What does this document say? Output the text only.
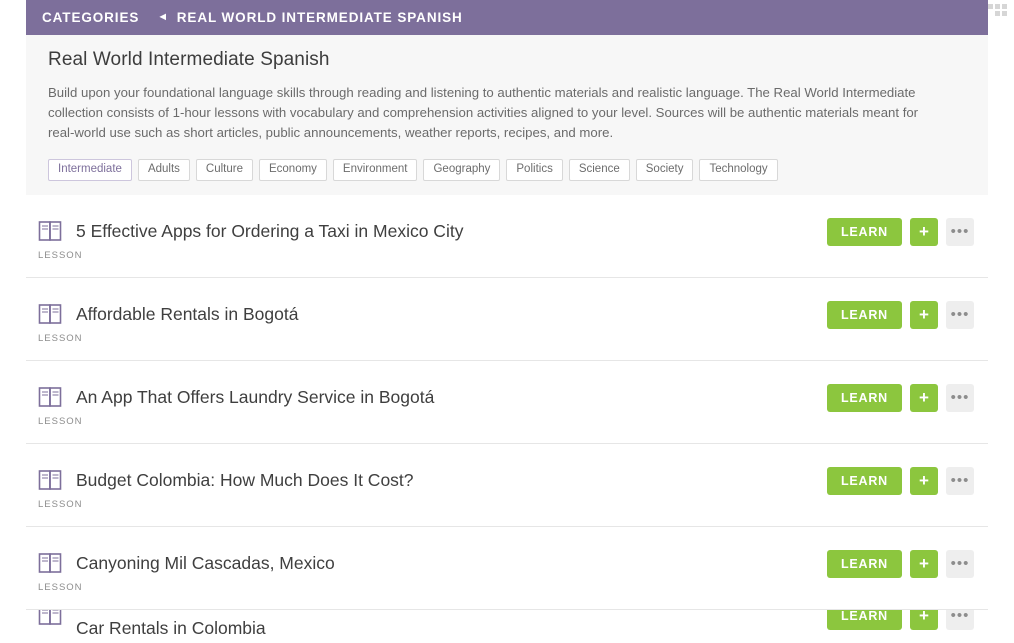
CATEGORIES ◄ REAL WORLD INTERMEDIATE SPANISH
Real World Intermediate Spanish

Build upon your foundational language skills through reading and listening to authentic materials and realistic language. The Real World Intermediate collection consists of 1-hour lessons with vocabulary and comprehension activities aligned to your level. Sources will be authentic materials meant for real-world use such as short articles, public announcements, weather reports, recipes, and more.

Intermediate	Adults	Culture	Economy	Environment	Geography	Politics	Science	Society	Technology
5 Effective Apps for Ordering a Taxi in Mexico City
LESSON
LEARN	+	•••
Affordable Rentals in Bogotá
LESSON
LEARN	+	•••
An App That Offers Laundry Service in Bogotá
LESSON
LEARN	+	•••
Budget Colombia: How Much Does It Cost?
LESSON
LEARN	+	•••
Canyoning Mil Cascadas, Mexico
LESSON
LEARN	+	•••
Car Rentals in Colombia
LEARN	+	•••
